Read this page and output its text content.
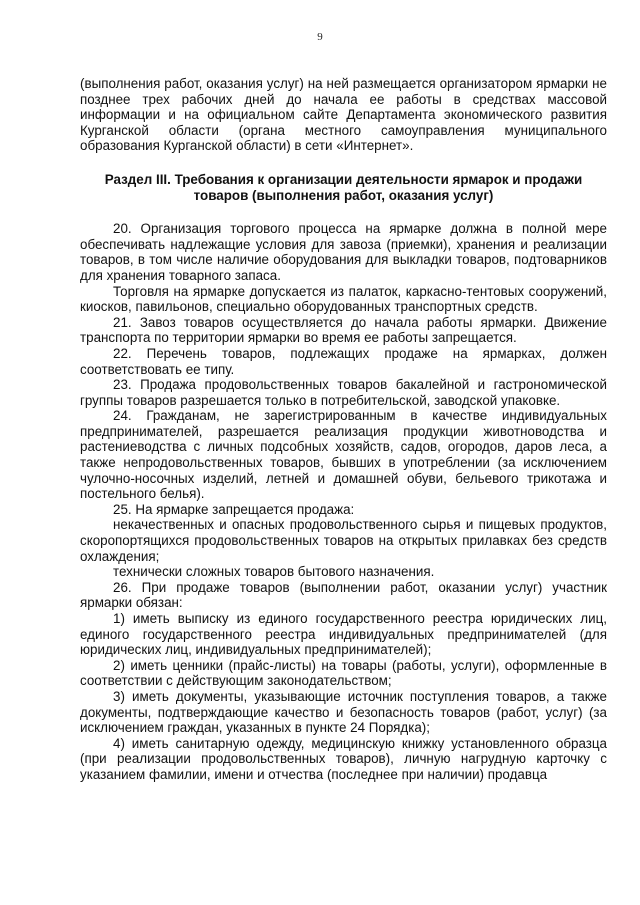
9

(выполнения работ, оказания услуг) на ней размещается организатором ярмарки не позднее трех рабочих дней до начала ее работы в средствах массовой информации и на официальном сайте Департамента экономического развития Курганской области (органа местного самоуправления муниципального образования Курганской области) в сети «Интернет».

Раздел III. Требования к организации деятельности ярмарок и продажи товаров (выполнения работ, оказания услуг)

20. Организация торгового процесса на ярмарке должна в полной мере обеспечивать надлежащие условия для завоза (приемки), хранения и реализации товаров, в том числе наличие оборудования для выкладки товаров, подтоварников для хранения товарного запаса.

Торговля на ярмарке допускается из палаток, каркасно-тентовых сооружений, киосков, павильонов, специально оборудованных транспортных средств.

21. Завоз товаров осуществляется до начала работы ярмарки. Движение транспорта по территории ярмарки во время ее работы запрещается.

22. Перечень товаров, подлежащих продаже на ярмарках, должен соответствовать ее типу.

23. Продажа продовольственных товаров бакалейной и гастрономической группы товаров разрешается только в потребительской, заводской упаковке.

24. Гражданам, не зарегистрированным в качестве индивидуальных предпринимателей, разрешается реализация продукции животноводства и растениеводства с личных подсобных хозяйств, садов, огородов, даров леса, а также непродовольственных товаров, бывших в употреблении (за исключением чулочно-носочных изделий, летней и домашней обуви, бельевого трикотажа и постельного белья).

25. На ярмарке запрещается продажа:

некачественных и опасных продовольственного сырья и пищевых продуктов, скоропортящихся продовольственных товаров на открытых прилавках без средств охлаждения;

технически сложных товаров бытового назначения.

26. При продаже товаров (выполнении работ, оказании услуг) участник ярмарки обязан:

1) иметь выписку из единого государственного реестра юридических лиц, единого государственного реестра индивидуальных предпринимателей (для юридических лиц, индивидуальных предпринимателей);

2) иметь ценники (прайс-листы) на товары (работы, услуги), оформленные в соответствии с действующим законодательством;

3) иметь документы, указывающие источник поступления товаров, а также документы, подтверждающие качество и безопасность товаров (работ, услуг) (за исключением граждан, указанных в пункте 24 Порядка);

4) иметь санитарную одежду, медицинскую книжку установленного образца (при реализации продовольственных товаров), личную нагрудную карточку с указанием фамилии, имени и отчества (последнее при наличии) продавца
